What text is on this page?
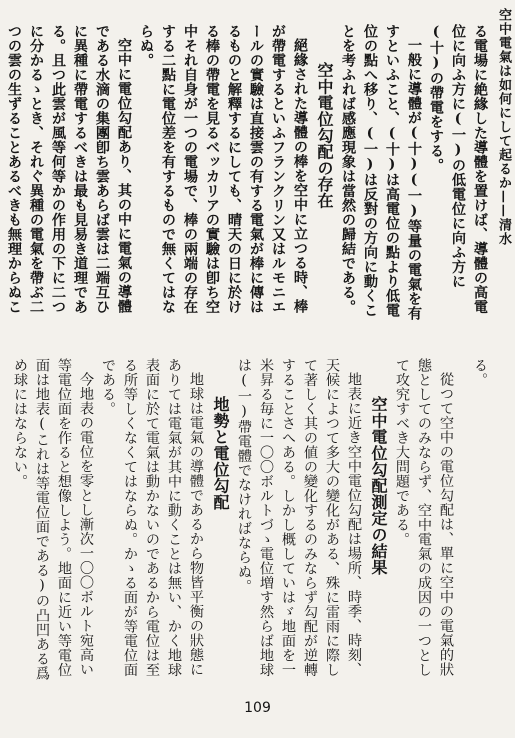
空中電氣は如何にして起るか——清水

る電場に絶緣した導體を置けば、導體の高電位に向ふ方に(一)の低電位に向ふ方に(十)の帶電をする。

一般に導體が(十)(一)等量の電氣を有すといふこと、(十)は高電位の點より低電位の點へ移り、(一)は反對の方向に動くことを考ふれば感應現象は當然の歸結である。

空中電位勾配の存在

絕緣された導體の棒を空中に立つる時、棒が帶電するといふフランクリン又はルモニエールの實驗は直接雲の有する電氣が棒に傳はるものと解釋するにしても、晴天の日に於ける棒の帶電を見るベッカリアの實驗は卽ち空中それ自身が一つの電場で、棒の兩端の存在する二點に電位差を有するもので無くてはならぬ。

空中に電位勾配あり、其の中に電氣の導體である水滴の集團卽ち雲あらば雲は二端互ひに異種に帶電するべきは最も見易き道理である。且つ此雲が風等何等かの作用の下に二つに分かるゝとき、それぐ異種の電氣を帶ぶ二つの雲の生ずることあるべきも無理からぬこ

る。

從つて空中の電位勾配は、單に空中の電氣的狀態としてのみならず、空中電氣の成因の一つとして攻究すべき大問題である。

空中電位勾配測定の結果

地表に近き空中電位勾配は場所、時季、時刻、天候によつて多大の變化がある、殊に雷雨に際して著しく其の値の變化するのみならず勾配が逆轉することさへある。しかし概していはゞ地面を一米昇る毎に一〇〇ボルトづゝ電位増す然らば地球は(一)帶電體でなければならぬ。

地勢と電位勾配

地球は電氣の導體であるから物皆平衡の狀態にありては電氣が其中に動くことは無い、かく地球表面に於て電氣は動かないのであるから電位は至る所等しくなくてはならぬ。かゝる面が等電位面である。

今地表の電位を零とし漸次一〇〇ボルト宛高い等電位面を作ると想像しよう。地面に近い等電位面は地表(これは等電位面である)の凸凹ある爲め球にはならない。

109
